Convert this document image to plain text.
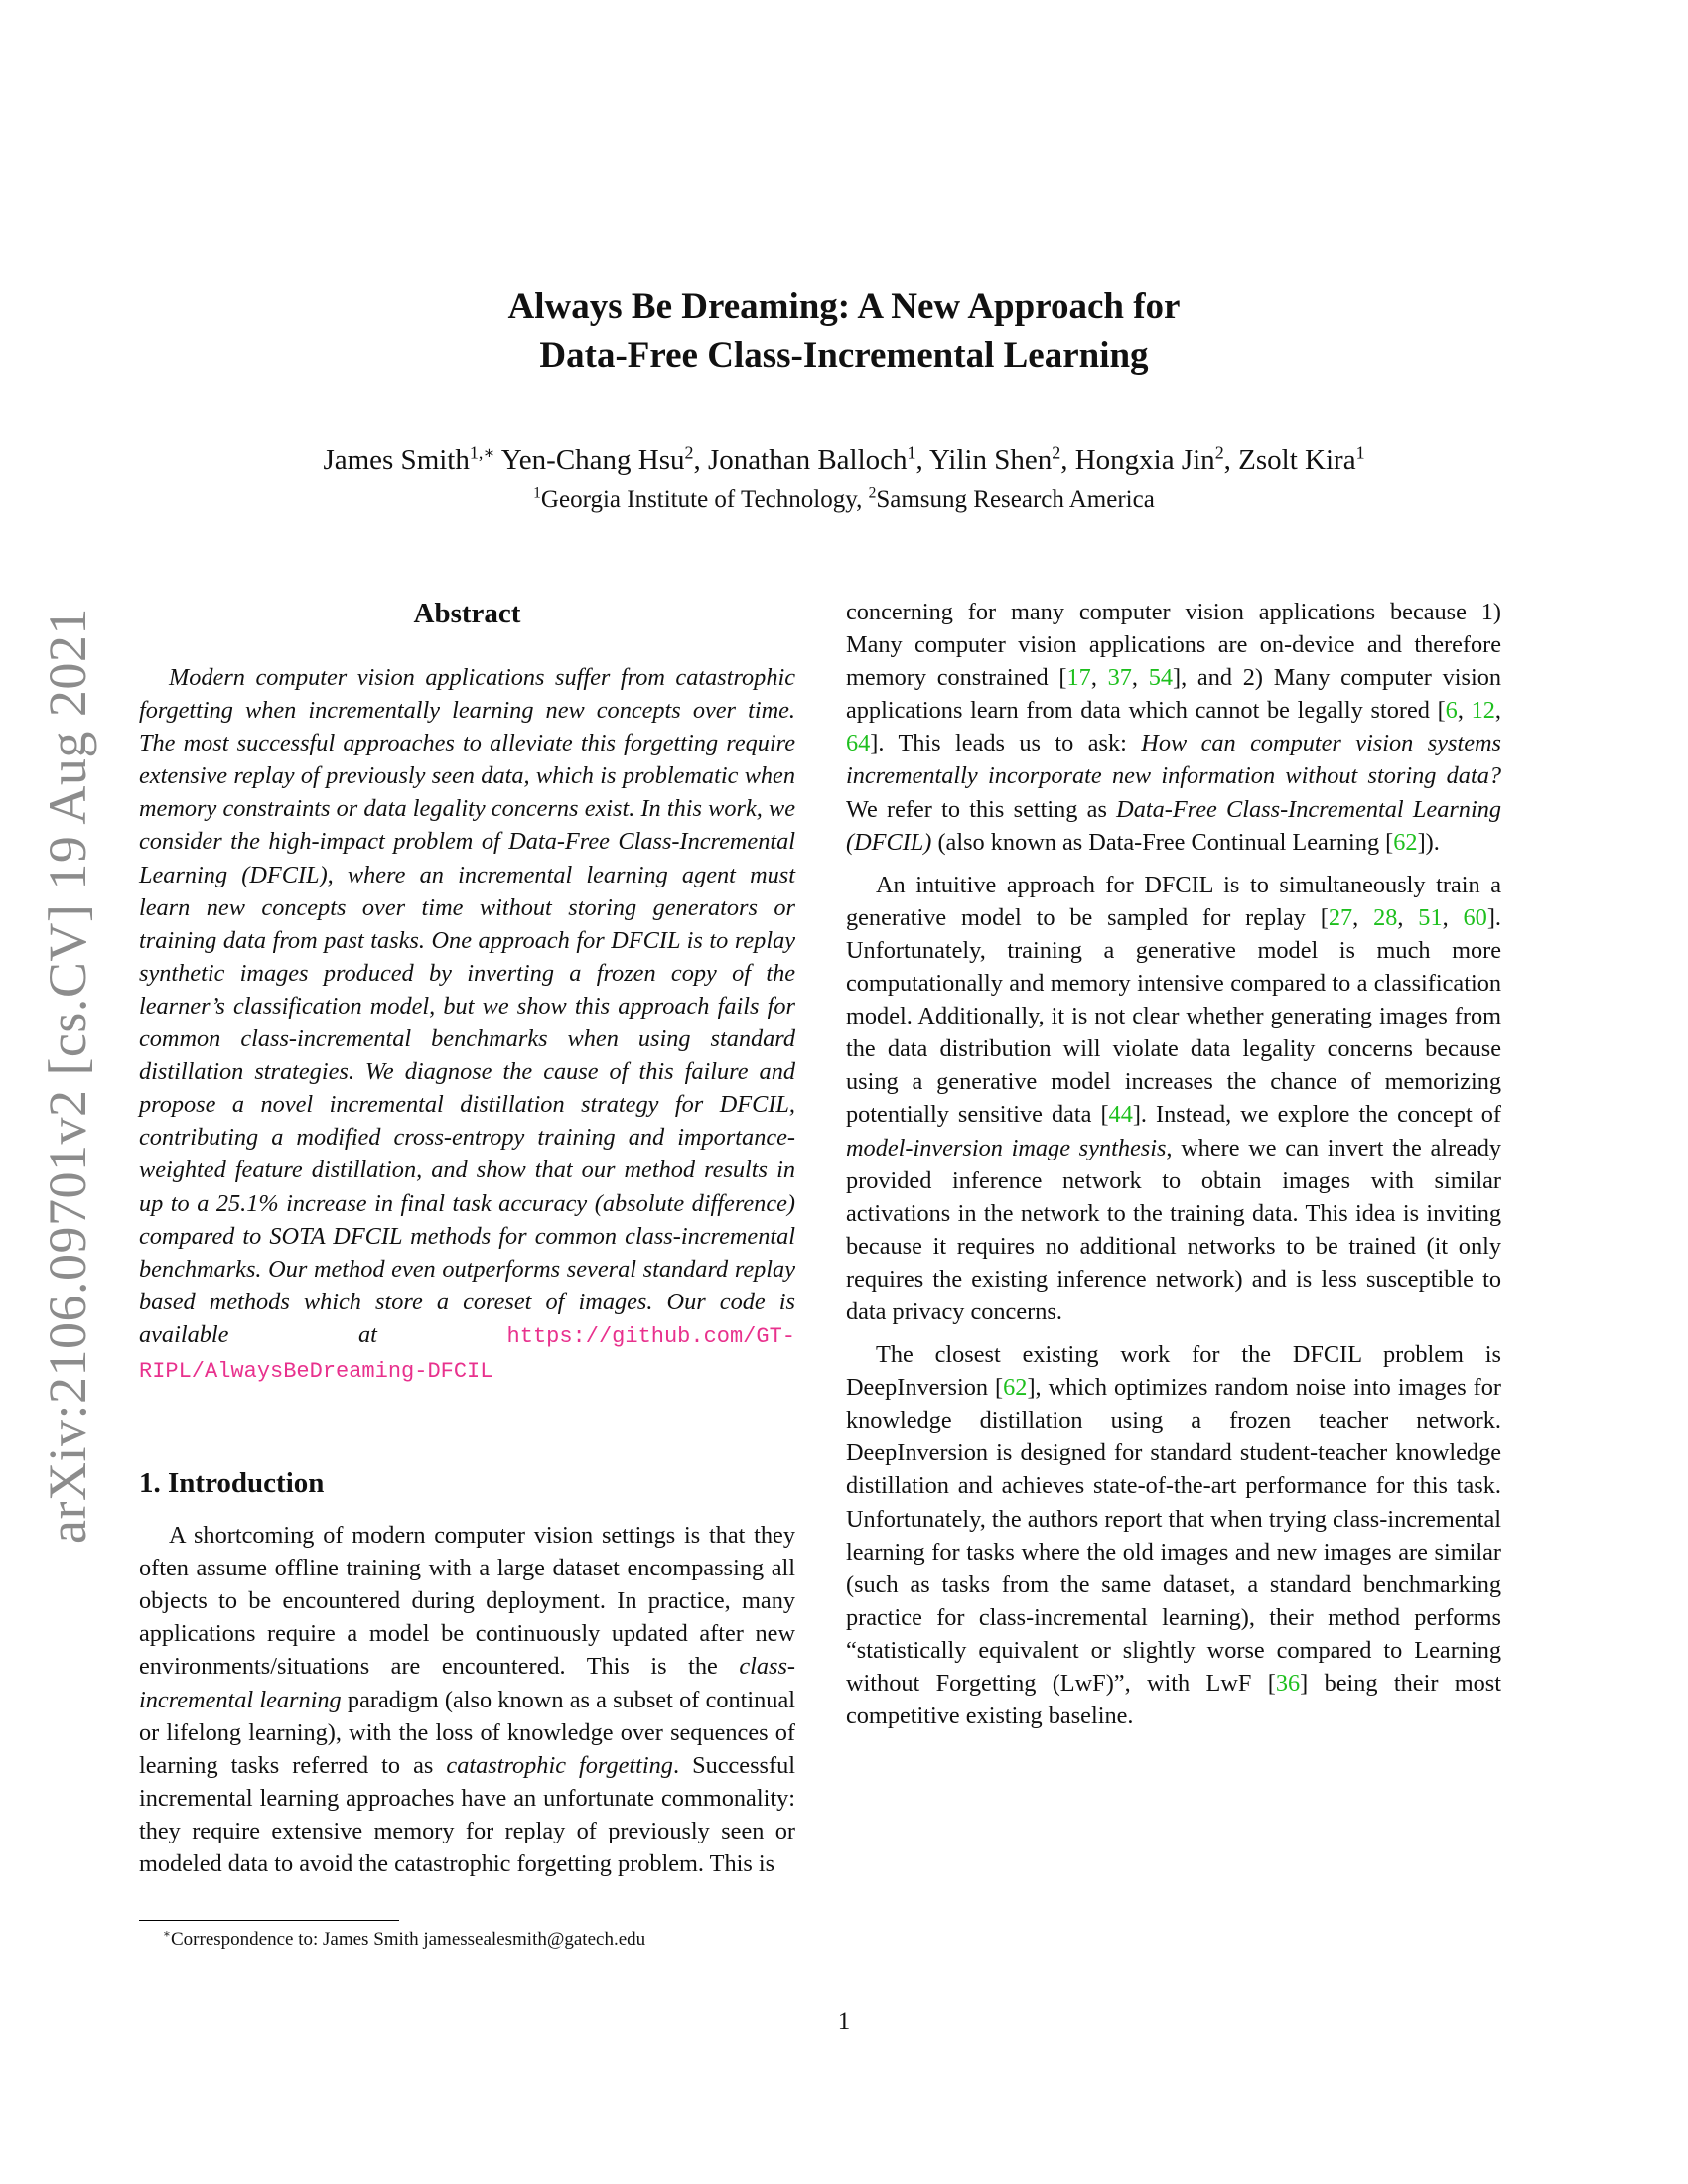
arXiv:2106.09701v2 [cs.CV] 19 Aug 2021
Always Be Dreaming: A New Approach for
Data-Free Class-Incremental Learning
James Smith$^{1,∗}$ Yen-Chang Hsu$^2$, Jonathan Balloch$^1$, Yilin Shen$^2$, Hongxia Jin$^2$, Zsolt Kira$^1$
$^1$Georgia Institute of Technology, $^2$Samsung Research America
Abstract

Modern computer vision applications suffer from catastrophic forgetting when incrementally learning new concepts over time. The most successful approaches to alleviate this forgetting require extensive replay of previously seen data, which is problematic when memory constraints or data legality concerns exist. In this work, we consider the high-impact problem of Data-Free Class-Incremental Learning (DFCIL), where an incremental learning agent must learn new concepts over time without storing generators or training data from past tasks. One approach for DFCIL is to replay synthetic images produced by inverting a frozen copy of the learner’s classification model, but we show this approach fails for common class-incremental benchmarks when using standard distillation strategies. We diagnose the cause of this failure and propose a novel incremental distillation strategy for DFCIL, contributing a modified cross-entropy training and importance-weighted feature distillation, and show that our method results in up to a 25.1% increase in final task accuracy (absolute difference) compared to SOTA DFCIL methods for common class-incremental benchmarks. Our method even outperforms several standard replay based methods which store a coreset of images. Our code is available at https://github.com/GT-RIPL/AlwaysBeDreaming-DFCIL

1. Introduction

A shortcoming of modern computer vision settings is that they often assume offline training with a large dataset encompassing all objects to be encountered during deployment. In practice, many applications require a model be continuously updated after new environments/situations are encountered. This is the class-incremental learning paradigm (also known as a subset of continual or lifelong learning), with the loss of knowledge over sequences of learning tasks referred to as catastrophic forgetting. Successful incremental learning approaches have an unfortunate commonality: they require extensive memory for replay of previously seen or modeled data to avoid the catastrophic forgetting problem. This is

concerning for many computer vision applications because 1) Many computer vision applications are on-device and therefore memory constrained [17, 37, 54], and 2) Many computer vision applications learn from data which cannot be legally stored [6, 12, 64]. This leads us to ask: How can computer vision systems incrementally incorporate new information without storing data? We refer to this setting as Data-Free Class-Incremental Learning (DFCIL) (also known as Data-Free Continual Learning [62]).

An intuitive approach for DFCIL is to simultaneously train a generative model to be sampled for replay [27, 28, 51, 60]. Unfortunately, training a generative model is much more computationally and memory intensive compared to a classification model. Additionally, it is not clear whether generating images from the data distribution will violate data legality concerns because using a generative model increases the chance of memorizing potentially sensitive data [44]. Instead, we explore the concept of model-inversion image synthesis, where we can invert the already provided inference network to obtain images with similar activations in the network to the training data. This idea is inviting because it requires no additional networks to be trained (it only requires the existing inference network) and is less susceptible to data privacy concerns.

The closest existing work for the DFCIL problem is DeepInversion [62], which optimizes random noise into images for knowledge distillation using a frozen teacher network. DeepInversion is designed for standard student-teacher knowledge distillation and achieves state-of-the-art performance for this task. Unfortunately, the authors report that when trying class-incremental learning for tasks where the old images and new images are similar (such as tasks from the same dataset, a standard benchmarking practice for class-incremental learning), their method performs “statistically equivalent or slightly worse compared to Learning without Forgetting (LwF)”, with LwF [36] being their most competitive existing baseline.

∗Correspondence to: James Smith jamessealesmith@gatech.edu

1
